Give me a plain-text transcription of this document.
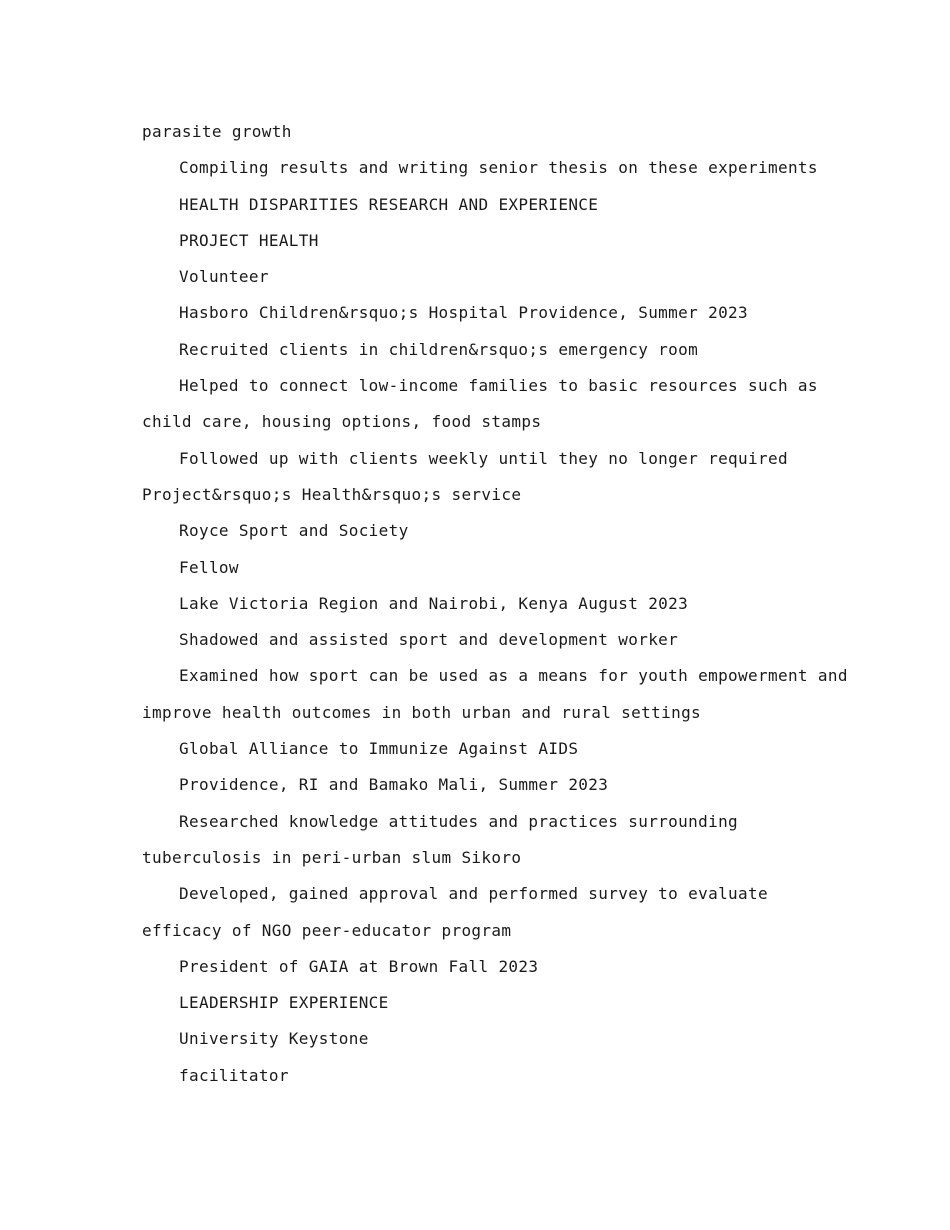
parasite growth
Compiling results and writing senior thesis on these experiments
HEALTH DISPARITIES RESEARCH AND EXPERIENCE
PROJECT HEALTH
Volunteer
Hasboro Children&rsquo;s Hospital Providence, Summer 2023
Recruited clients in children&rsquo;s emergency room
Helped to connect low-income families to basic resources such as
child care, housing options, food stamps
Followed up with clients weekly until they no longer required
Project&rsquo;s Health&rsquo;s service
Royce Sport and Society
Fellow
Lake Victoria Region and Nairobi, Kenya August 2023
Shadowed and assisted sport and development worker
Examined how sport can be used as a means for youth empowerment and
improve health outcomes in both urban and rural settings
Global Alliance to Immunize Against AIDS
Providence, RI and Bamako Mali, Summer 2023
Researched knowledge attitudes and practices surrounding
tuberculosis in peri-urban slum Sikoro
Developed, gained approval and performed survey to evaluate
efficacy of NGO peer-educator program
President of GAIA at Brown Fall 2023
LEADERSHIP EXPERIENCE
University Keystone
facilitator
